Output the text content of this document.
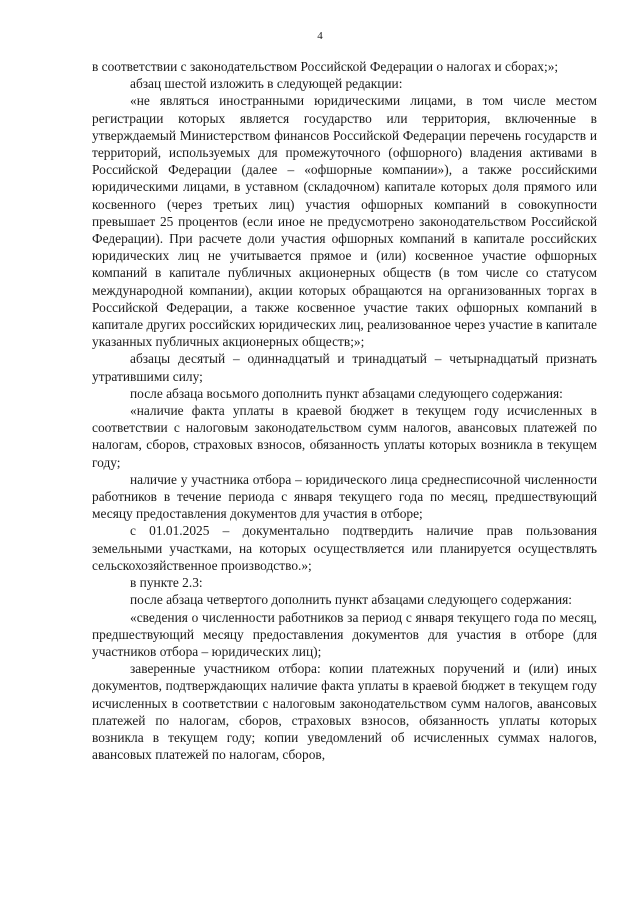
4

в соответствии с законодательством Российской Федерации о налогах и сборах;»;

абзац шестой изложить в следующей редакции:

«не являться иностранными юридическими лицами, в том числе местом регистрации которых является государство или территория, включенные в утверждаемый Министерством финансов Российской Федерации перечень государств и территорий, используемых для промежуточного (офшорного) владения активами в Российской Федерации (далее – «офшорные компании»), а также российскими юридическими лицами, в уставном (складочном) капитале которых доля прямого или косвенного (через третьих лиц) участия офшорных компаний в совокупности превышает 25 процентов (если иное не предусмотрено законодательством Российской Федерации). При расчете доли участия офшорных компаний в капитале российских юридических лиц не учитывается прямое и (или) косвенное участие офшорных компаний в капитале публичных акционерных обществ (в том числе со статусом международной компании), акции которых обращаются на организованных торгах в Российской Федерации, а также косвенное участие таких офшорных компаний в капитале других российских юридических лиц, реализованное через участие в капитале указанных публичных акционерных обществ;»;

абзацы десятый – одиннадцатый и тринадцатый – четырнадцатый признать утратившими силу;

после абзаца восьмого дополнить пункт абзацами следующего содержания:

«наличие факта уплаты в краевой бюджет в текущем году исчисленных в соответствии с налоговым законодательством сумм налогов, авансовых платежей по налогам, сборов, страховых взносов, обязанность уплаты которых возникла в текущем году;

наличие у участника отбора – юридического лица среднесписочной численности работников в течение периода с января текущего года по месяц, предшествующий месяцу предоставления документов для участия в отборе;

с 01.01.2025 – документально подтвердить наличие прав пользования земельными участками, на которых осуществляется или планируется осуществлять сельскохозяйственное производство.»;

в пункте 2.3:

после абзаца четвертого дополнить пункт абзацами следующего содержания:

«сведения о численности работников за период с января текущего года по месяц, предшествующий месяцу предоставления документов для участия в отборе (для участников отбора – юридических лиц);

заверенные участником отбора: копии платежных поручений и (или) иных документов, подтверждающих наличие факта уплаты в краевой бюджет в текущем году исчисленных в соответствии с налоговым законодательством сумм налогов, авансовых платежей по налогам, сборов, страховых взносов, обязанность уплаты которых возникла в текущем году; копии уведомлений об исчисленных суммах налогов, авансовых платежей по налогам, сборов,
